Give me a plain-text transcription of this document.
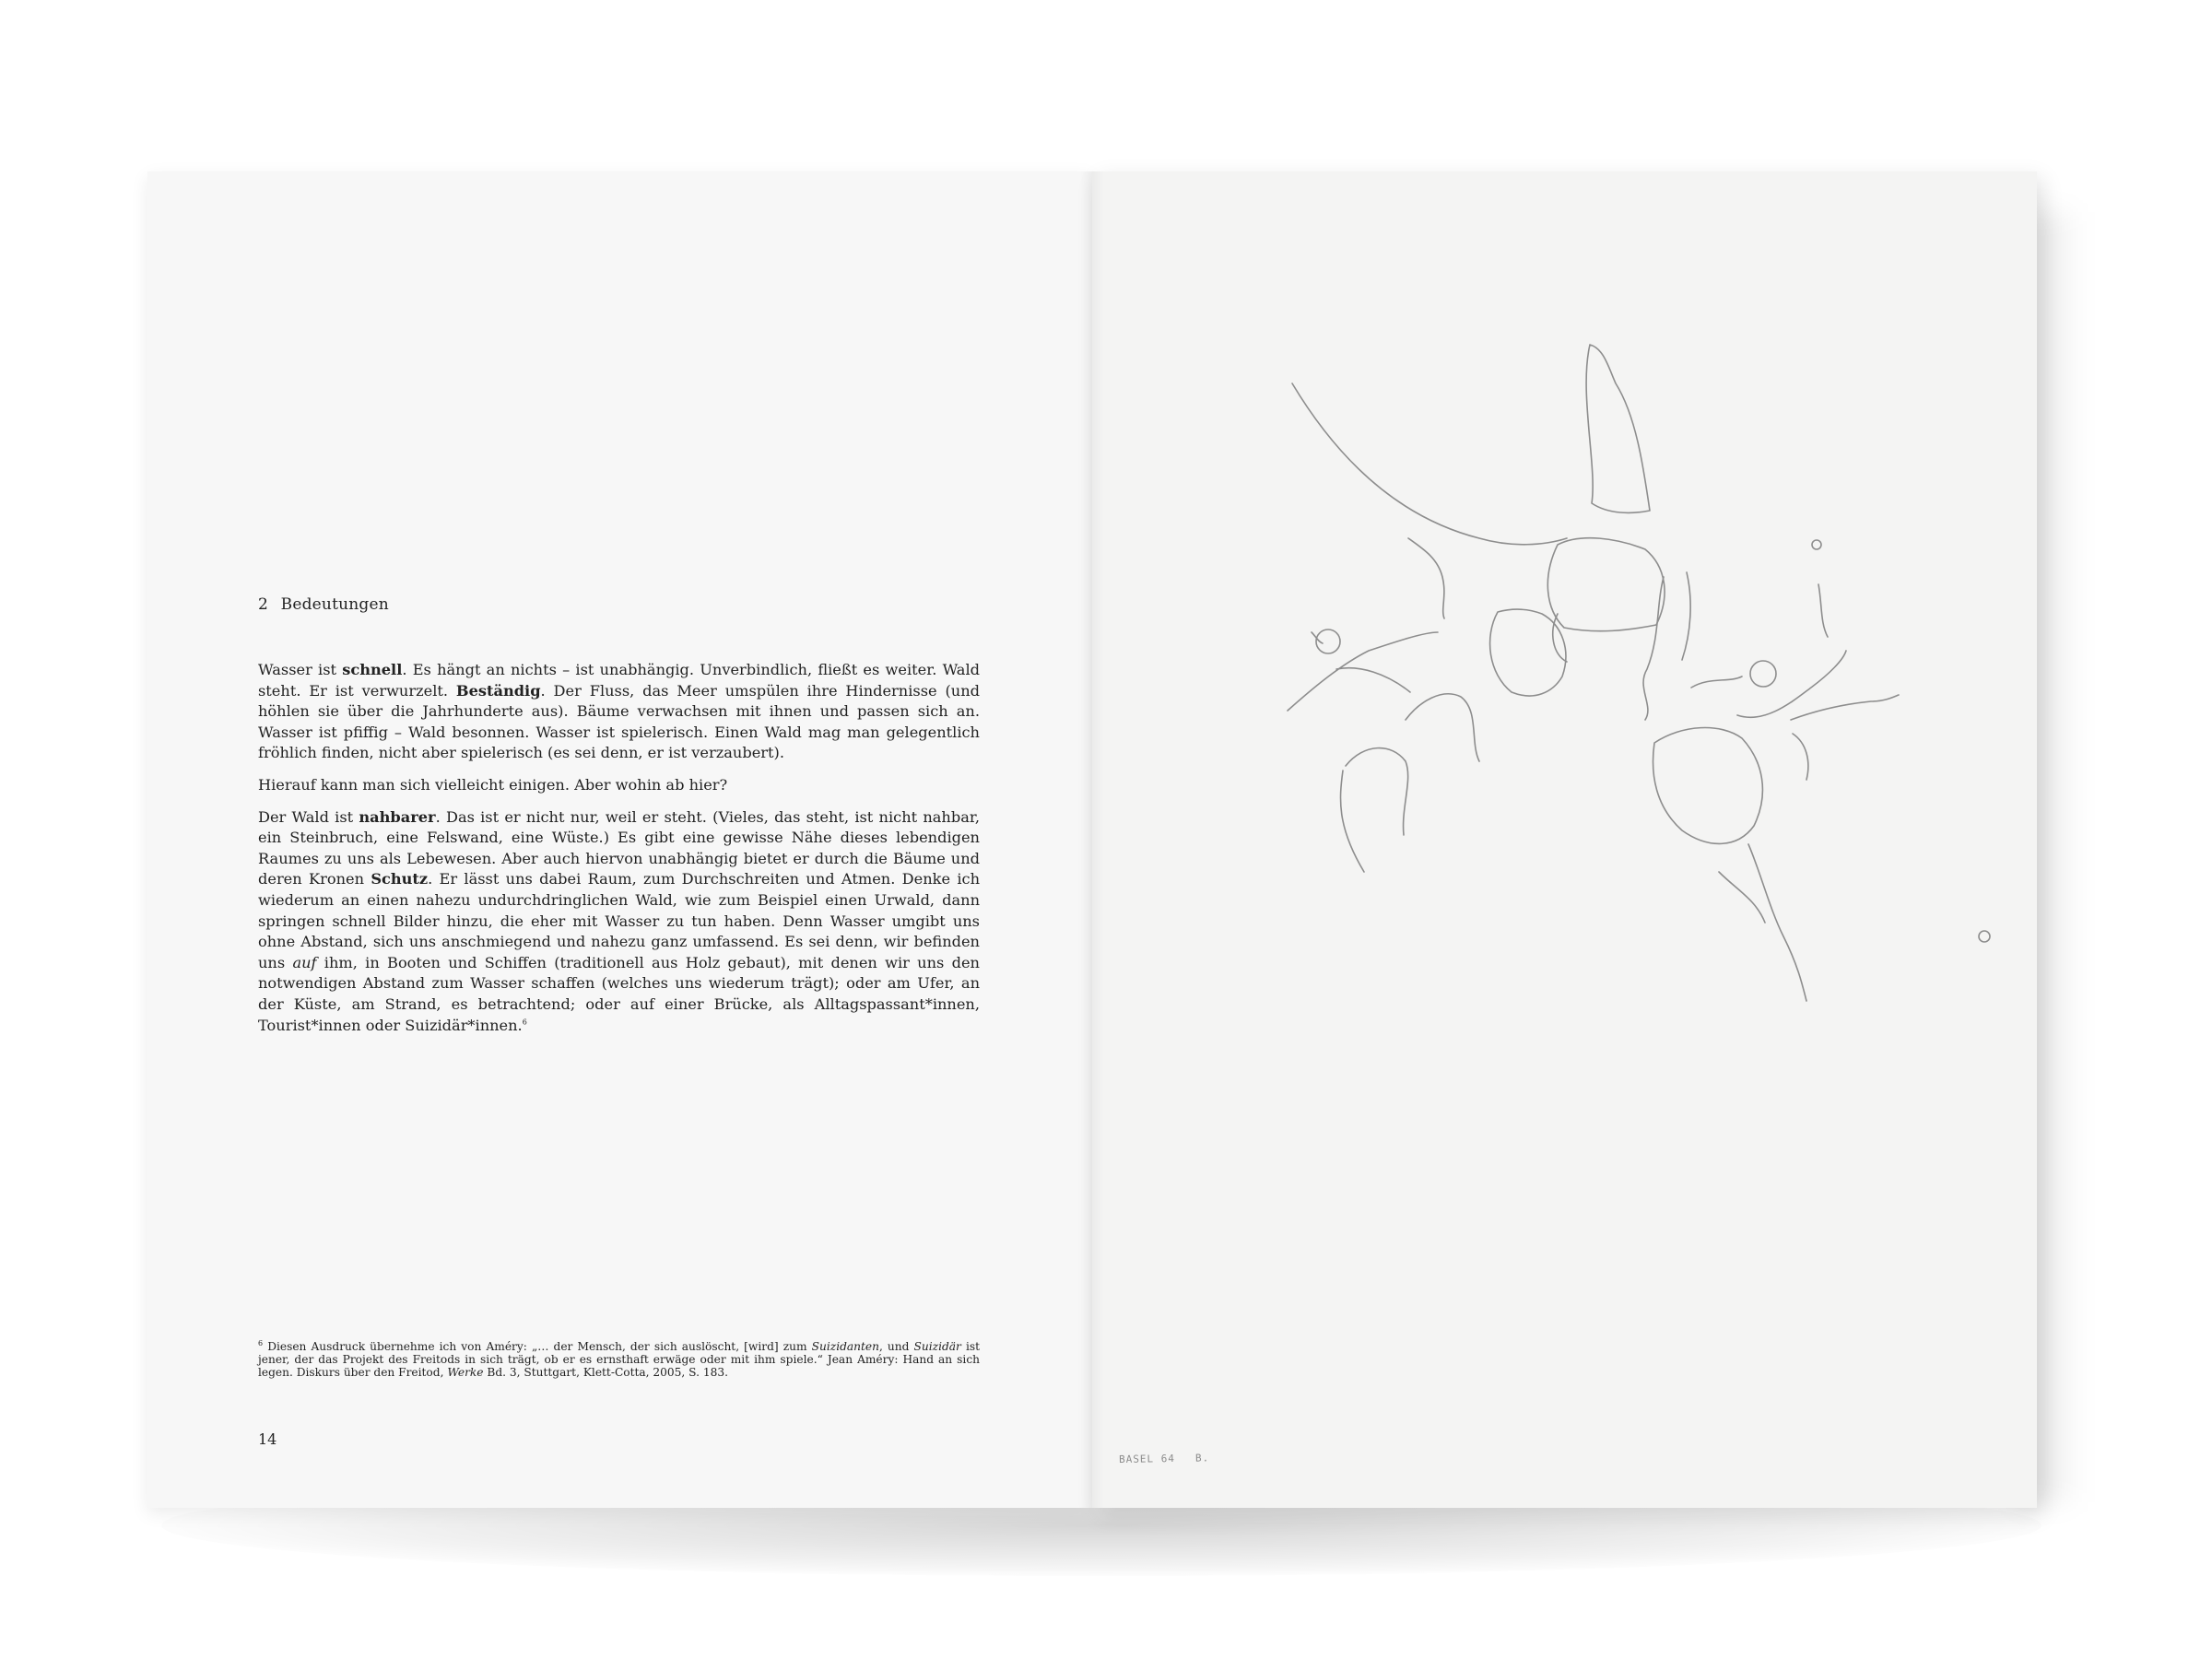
2 Bedeutungen

Wasser ist schnell. Es hängt an nichts – ist unabhängig. Unverbindlich, fließt es weiter. Wald steht. Er ist verwurzelt. Beständig. Der Fluss, das Meer umspülen ihre Hindernisse (und höhlen sie über die Jahrhunderte aus). Bäume verwachsen mit ihnen und passen sich an. Wasser ist pfiffig – Wald besonnen. Wasser ist spielerisch. Einen Wald mag man gelegentlich fröhlich finden, nicht aber spielerisch (es sei denn, er ist verzaubert).

Hierauf kann man sich vielleicht einigen. Aber wohin ab hier?

Der Wald ist nahbarer. Das ist er nicht nur, weil er steht. (Vieles, das steht, ist nicht nahbar, ein Steinbruch, eine Felswand, eine Wüste.) Es gibt eine gewisse Nähe dieses lebendigen Raumes zu uns als Lebewesen. Aber auch hiervon unabhängig bietet er durch die Bäume und deren Kronen Schutz. Er lässt uns dabei Raum, zum Durchschreiten und Atmen. Denke ich wiederum an einen nahezu undurchdringlichen Wald, wie zum Beispiel einen Urwald, dann springen schnell Bilder hinzu, die eher mit Wasser zu tun haben. Denn Wasser umgibt uns ohne Abstand, sich uns anschmiegend und nahezu ganz umfassend. Es sei denn, wir befinden uns auf ihm, in Booten und Schiffen (traditionell aus Holz gebaut), mit denen wir uns den notwendigen Abstand zum Wasser schaffen (welches uns wiederum trägt); oder am Ufer, an der Küste, am Strand, es betrachtend; oder auf einer Brücke, als Alltagspassant*innen, Tourist*innen oder Suizidär*innen.$^6$

$^6$ Diesen Ausdruck übernehme ich von Améry: „… der Mensch, der sich auslöscht, [wird] zum Suizidanten, und Suizidär ist jener, der das Projekt des Freitods in sich trägt, ob er es ernsthaft erwäge oder mit ihm spiele.“ Jean Améry: Hand an sich legen. Diskurs über den Freitod, Werke Bd. 3, Stuttgart, Klett-Cotta, 2005, S. 183.
14
BASEL 64 B.
